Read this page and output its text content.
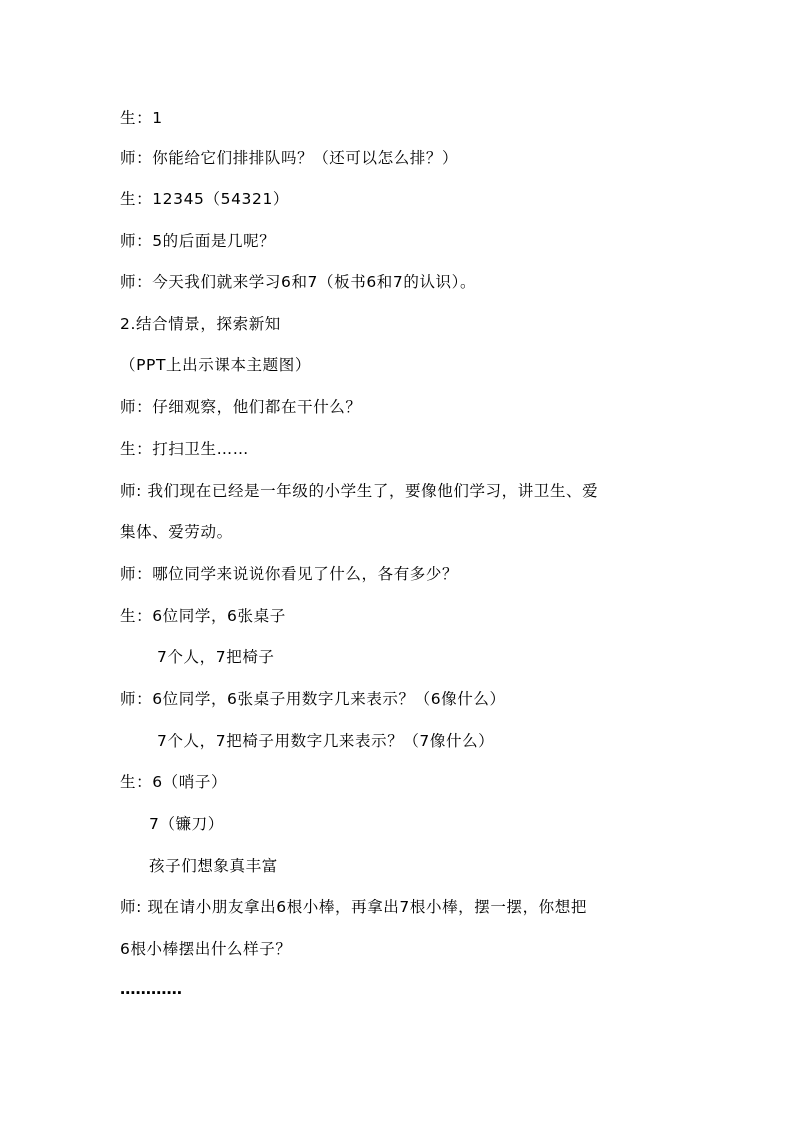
生：1
师：你能给它们排排队吗？（还可以怎么排？）
生：12345（54321）
师：5的后面是几呢？
师：今天我们就来学习6和7（板书6和7的认识）。
2.结合情景，探索新知
（PPT上出示课本主题图）
师：仔细观察，他们都在干什么？
生：打扫卫生……
师: 我们现在已经是一年级的小学生了，要像他们学习，讲卫生、爱
集体、爱劳动。
师：哪位同学来说说你看见了什么，各有多少？
生：6位同学，6张桌子
7个人，7把椅子
师：6位同学，6张桌子用数字几来表示？（6像什么）
7个人，7把椅子用数字几来表示？（7像什么）
生：6（哨子）
7（镰刀）
孩子们想象真丰富
师: 现在请小朋友拿出6根小棒，再拿出7根小棒，摆一摆，你想把
6根小棒摆出什么样子？
…………
